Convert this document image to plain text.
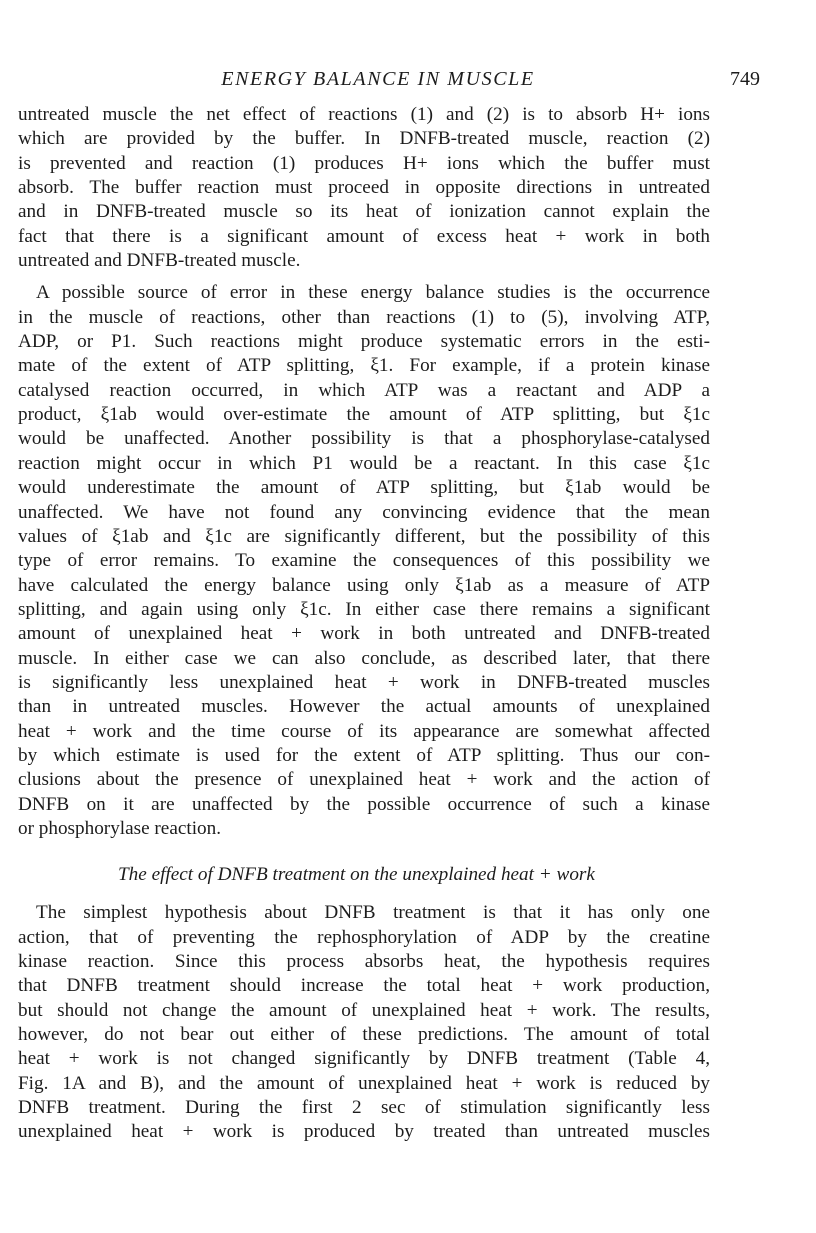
ENERGY BALANCE IN MUSCLE	749
untreated muscle the net effect of reactions (1) and (2) is to absorb H+ ions
which are provided by the buffer. In DNFB-treated muscle, reaction (2)
is prevented and reaction (1) produces H+ ions which the buffer must
absorb. The buffer reaction must proceed in opposite directions in untreated
and in DNFB-treated muscle so its heat of ionization cannot explain the
fact that there is a significant amount of excess heat + work in both
untreated and DNFB-treated muscle.
A possible source of error in these energy balance studies is the occurrence
in the muscle of reactions, other than reactions (1) to (5), involving ATP,
ADP, or P1. Such reactions might produce systematic errors in the esti-
mate of the extent of ATP splitting, ξ1. For example, if a protein kinase
catalysed reaction occurred, in which ATP was a reactant and ADP a
product, ξ1ab would over-estimate the amount of ATP splitting, but ξ1c
would be unaffected. Another possibility is that a phosphorylase-catalysed
reaction might occur in which P1 would be a reactant. In this case ξ1c
would underestimate the amount of ATP splitting, but ξ1ab would be
unaffected. We have not found any convincing evidence that the mean
values of ξ1ab and ξ1c are significantly different, but the possibility of this
type of error remains. To examine the consequences of this possibility we
have calculated the energy balance using only ξ1ab as a measure of ATP
splitting, and again using only ξ1c. In either case there remains a significant
amount of unexplained heat + work in both untreated and DNFB-treated
muscle. In either case we can also conclude, as described later, that there
is significantly less unexplained heat + work in DNFB-treated muscles
than in untreated muscles. However the actual amounts of unexplained
heat + work and the time course of its appearance are somewhat affected
by which estimate is used for the extent of ATP splitting. Thus our con-
clusions about the presence of unexplained heat + work and the action of
DNFB on it are unaffected by the possible occurrence of such a kinase
or phosphorylase reaction.
The effect of DNFB treatment on the unexplained heat + work
The simplest hypothesis about DNFB treatment is that it has only one
action, that of preventing the rephosphorylation of ADP by the creatine
kinase reaction. Since this process absorbs heat, the hypothesis requires
that DNFB treatment should increase the total heat + work production,
but should not change the amount of unexplained heat + work. The results,
however, do not bear out either of these predictions. The amount of total
heat + work is not changed significantly by DNFB treatment (Table 4,
Fig. 1A and B), and the amount of unexplained heat + work is reduced by
DNFB treatment. During the first 2 sec of stimulation significantly less
unexplained heat + work is produced by treated than untreated muscles
